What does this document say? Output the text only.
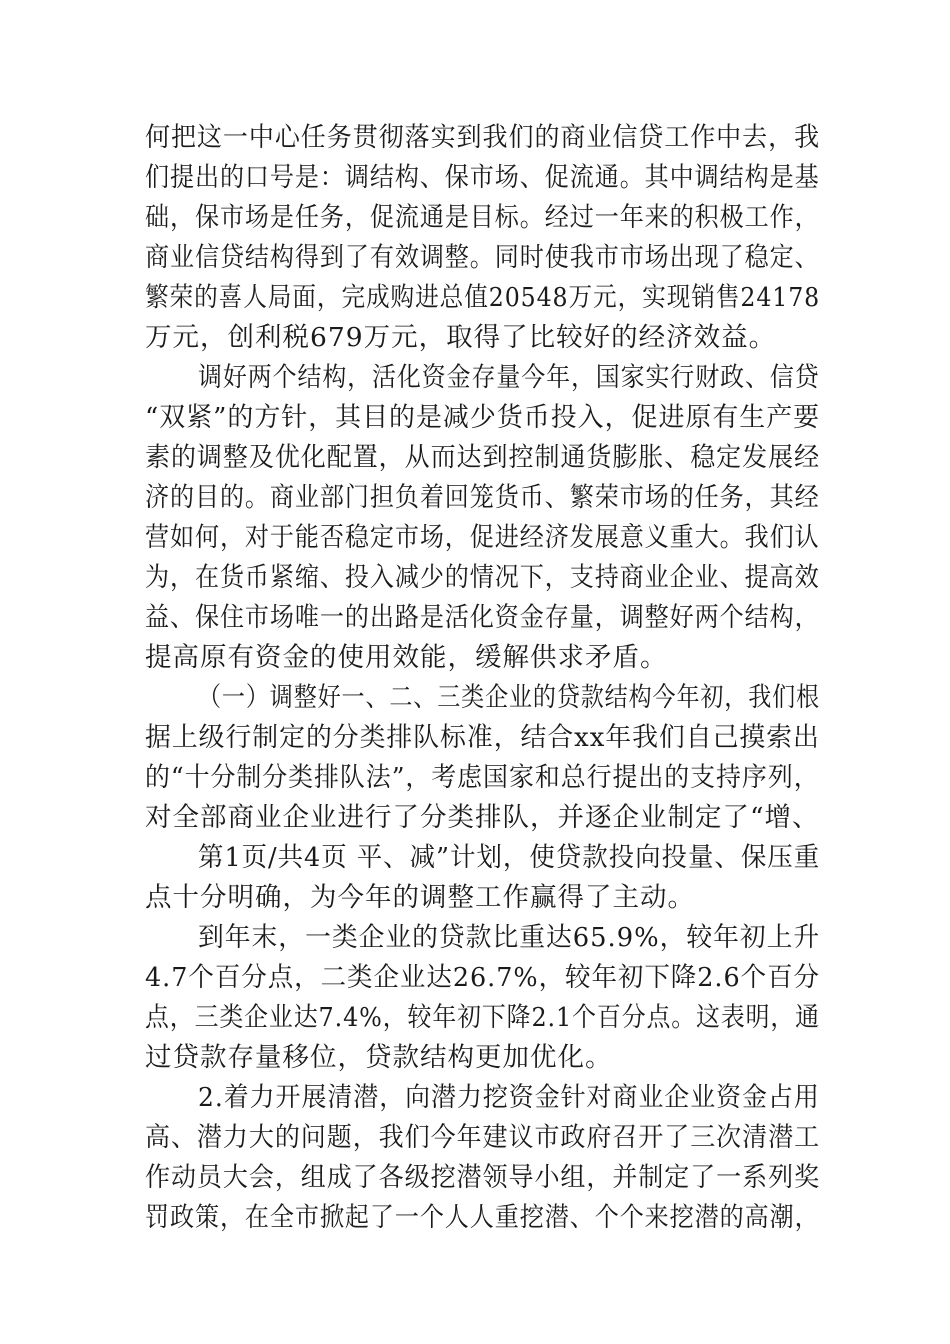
何把这一中心任务贯彻落实到我们的商业信贷工作中去，我
们提出的口号是：调结构、保市场、促流通。其中调结构是基
础，保市场是任务，促流通是目标。经过一年来的积极工作，
商业信贷结构得到了有效调整。同时使我市市场出现了稳定、
繁荣的喜人局面，完成购进总值20548万元，实现销售24178
万元，创利税679万元，取得了比较好的经济效益。
调好两个结构，活化资金存量今年，国家实行财政、信贷
“双紧”的方针，其目的是减少货币投入，促进原有生产要
素的调整及优化配置，从而达到控制通货膨胀、稳定发展经
济的目的。商业部门担负着回笼货币、繁荣市场的任务，其经
营如何，对于能否稳定市场，促进经济发展意义重大。我们认
为，在货币紧缩、投入减少的情况下，支持商业企业、提高效
益、保住市场唯一的出路是活化资金存量，调整好两个结构，
提高原有资金的使用效能，缓解供求矛盾。
（一）调整好一、二、三类企业的贷款结构今年初，我们根
据上级行制定的分类排队标准，结合xx年我们自己摸索出
的“十分制分类排队法”，考虑国家和总行提出的支持序列，
对全部商业企业进行了分类排队，并逐企业制定了“增、
第1页/共4页 平、减”计划，使贷款投向投量、保压重
点十分明确，为今年的调整工作赢得了主动。
到年末，一类企业的贷款比重达65.9%，较年初上升
4.7个百分点，二类企业达26.7%，较年初下降2.6个百分
点，三类企业达7.4%，较年初下降2.1个百分点。这表明，通
过贷款存量移位，贷款结构更加优化。
2.着力开展清潜，向潜力挖资金针对商业企业资金占用
高、潜力大的问题，我们今年建议市政府召开了三次清潜工
作动员大会，组成了各级挖潜领导小组，并制定了一系列奖
罚政策，在全市掀起了一个人人重挖潜、个个来挖潜的高潮，
